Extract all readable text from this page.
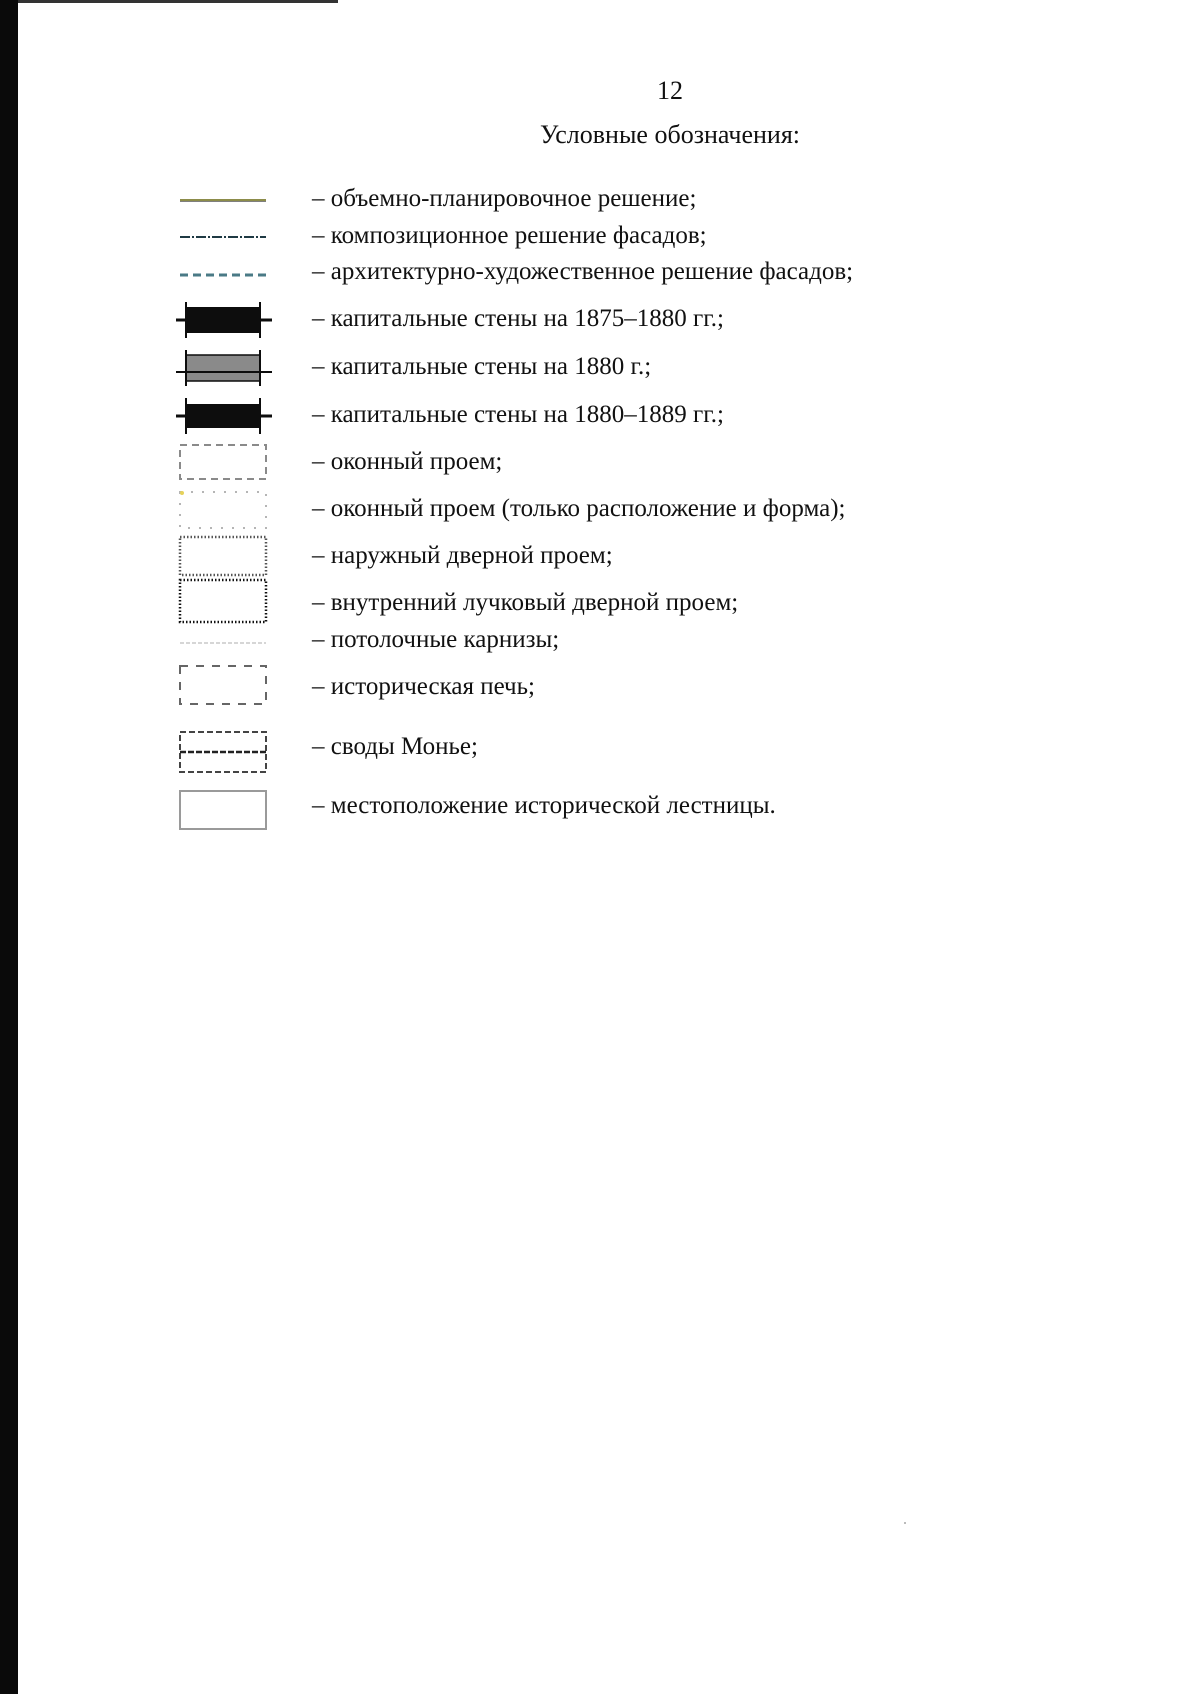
12
Условные обозначения:
– объемно-планировочное решение;
– композиционное решение фасадов;
– архитектурно-художественное решение фасадов;
– капитальные стены на 1875–1880 гг.;
– капитальные стены на 1880 г.;
– капитальные стены на 1880–1889 гг.;
– оконный проем;
– оконный проем (только расположение и форма);
– наружный дверной проем;
– внутренний лучковый дверной проем;
– потолочные карнизы;
– историческая печь;
– своды Монье;
– местоположение исторической лестницы.
